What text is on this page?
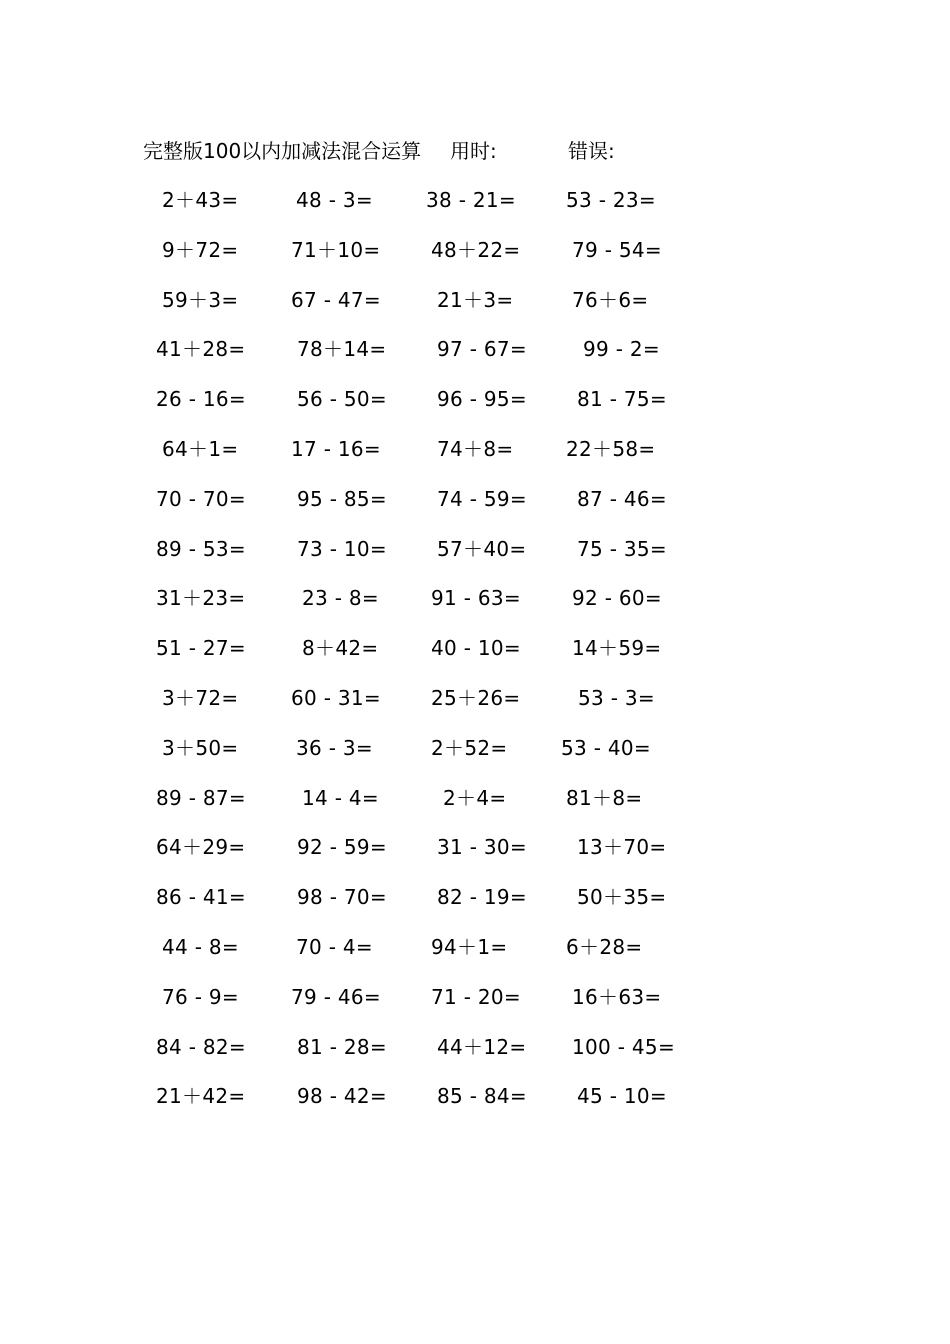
完整版100以内加减法混合运算 用时:	错误:
2＋43=	48 - 3=	38 - 21=	53 - 23=
9＋72=	71＋10=	48＋22=	79 - 54=
59＋3=	67 - 47=	21＋3=	76＋6=
41＋28=	78＋14=	97 - 67=	99 - 2=
26 - 16=	56 - 50=	96 - 95=	81 - 75=
64＋1=	17 - 16=	74＋8=	22＋58=
70 - 70=	95 - 85=	74 - 59=	87 - 46=
89 - 53=	73 - 10=	57＋40=	75 - 35=
31＋23=	23 - 8=	91 - 63=	92 - 60=
51 - 27=	8＋42=	40 - 10=	14＋59=
3＋72=	60 - 31=	25＋26=	53 - 3=
3＋50=	36 - 3=	2＋52=	53 - 40=
89 - 87=	14 - 4=	2＋4=	81＋8=
64＋29=	92 - 59=	31 - 30=	13＋70=
86 - 41=	98 - 70=	82 - 19=	50＋35=
44 - 8=	70 - 4=	94＋1=	6＋28=
76 - 9=	79 - 46=	71 - 20=	16＋63=
84 - 82=	81 - 28=	44＋12= 100 - 45=
21＋42=	98 - 42=	85 - 84=	45 - 10=
